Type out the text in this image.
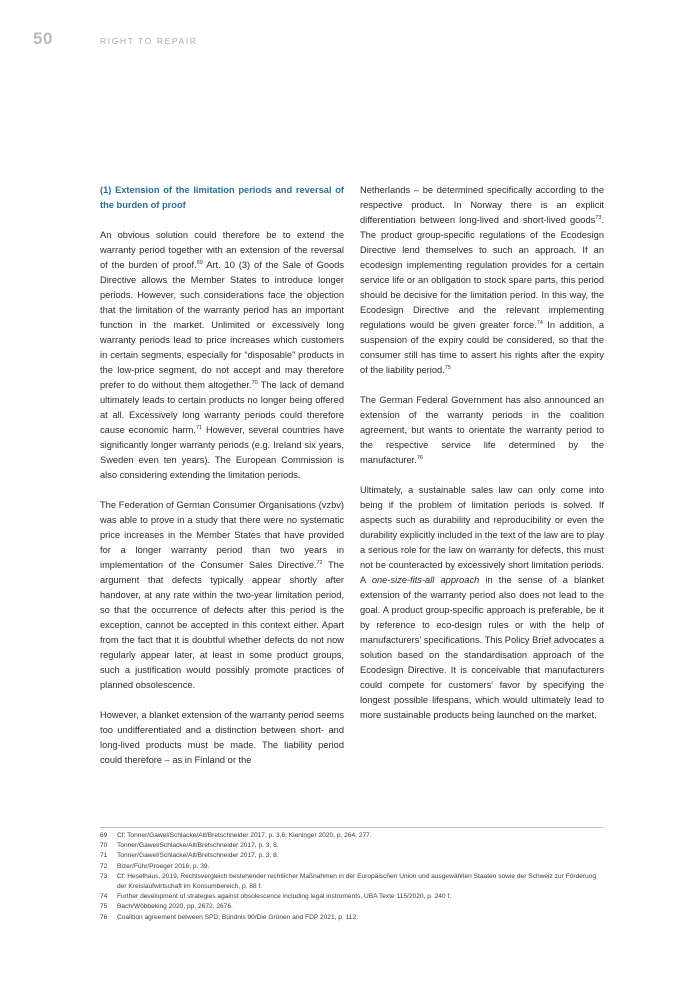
50	RIGHT TO REPAIR

(1) Extension of the limitation periods and reversal of the burden of proof

An obvious solution could therefore be to extend the warranty period together with an extension of the reversal of the burden of proof.$^{69}$ Art. 10 (3) of the Sale of Goods Directive allows the Member States to introduce longer periods. However, such considerations face the objection that the limitation of the warranty period has an important function in the market. Unlimited or excessively long warranty periods lead to price increases which customers in certain segments, especially for “disposable” products in the low-price segment, do not accept and may therefore prefer to do without them altogether.$^{70}$ The lack of demand ultimately leads to certain products no longer being offered at all. Excessively long warranty periods could therefore cause economic harm.$^{71}$ However, several countries have significantly longer warranty periods (e.g. Ireland six years, Sweden even ten years). The European Commission is also considering extending the limitation periods.

The Federation of German Consumer Organisations (vzbv) was able to prove in a study that there were no systematic price increases in the Member States that have provided for a longer warranty period than two years in implementation of the Consumer Sales Directive.$^{72}$ The argument that defects typically appear shortly after handover, at any rate within the two-year limitation period, so that the occurrence of defects after this period is the exception, cannot be accepted in this context either. Apart from the fact that it is doubtful whether defects do not now regularly appear later, at least in some product groups, such a justification would possibly promote practices of planned obsolescence.

However, a blanket extension of the warranty period seems too undifferentiated and a distinction between short- and long-lived products must be made. The liability period could therefore – as in Finland or the

Netherlands – be determined specifically according to the respective product. In Norway there is an explicit differentiation between long-lived and short-lived goods$^{73}$. The product group-specific regulations of the Ecodesign Directive lend themselves to such an approach. If an ecodesign implementing regulation provides for a certain service life or an obligation to stock spare parts, this period should be decisive for the limitation period. In this way, the Ecodesign Directive and the relevant implementing regulations would be given greater force.$^{74}$ In addition, a suspension of the expiry could be considered, so that the consumer still has time to assert his rights after the expiry of the liability period.$^{75}$

The German Federal Government has also announced an extension of the warranty periods in the coalition agreement, but wants to orientate the warranty period to the respective service life determined by the manufacturer.$^{76}$

Ultimately, a sustainable sales law can only come into being if the problem of limitation periods is solved. If aspects such as durability and reproducibility or even the durability explicitly included in the text of the law are to play a serious role for the law on warranty for defects, this must not be counteracted by excessively short limitation periods. A one-size-fits-all approach in the sense of a blanket extension of the warranty period also does not lead to the goal. A product group-specific approach is preferable, be it by reference to eco-design rules or with the help of manufacturers' specifications. This Policy Brief advocates a solution based on the standardisation approach of the Ecodesign Directive. It is conceivable that manufacturers could compete for customers' favor by specifying the longest possible lifespans, which would ultimately lead to more sustainable products being launched on the market.

69	Cf: Tonner/Gawel/Schlacke/Alt/Bretschneider 2017, p. 3,6; Kieninger 2020, p. 264, 277.
70	Tonner/Gawel/Schlacke/Alt/Bretschneider 2017, p. 3, 8.
71	Tonner/Gawel/Schlacke/Alt/Bretschneider 2017, p. 3, 8.
72	Bizer/Führ/Proeger 2016, p. 39.
73	Cf: Heselhaus, 2019, Rechtsvergleich bestehender rechtlicher Maßnahmen in der Europäischen Union und ausgewählten Staaten sowie der Schweiz zur Förderung der Kreislaufwirtschaft im Konsumbereich, p. 88 f.
74	Further development of strategies against obsolescence including legal instruments, UBA Texte 115/2020, p. 240 f.
75	Bach/Wöbbeking 2020, pp. 2672, 2676.
76	Coalition agreement between SPD, Bündnis 90/Die Grünen and FDP 2021, p. 112.
